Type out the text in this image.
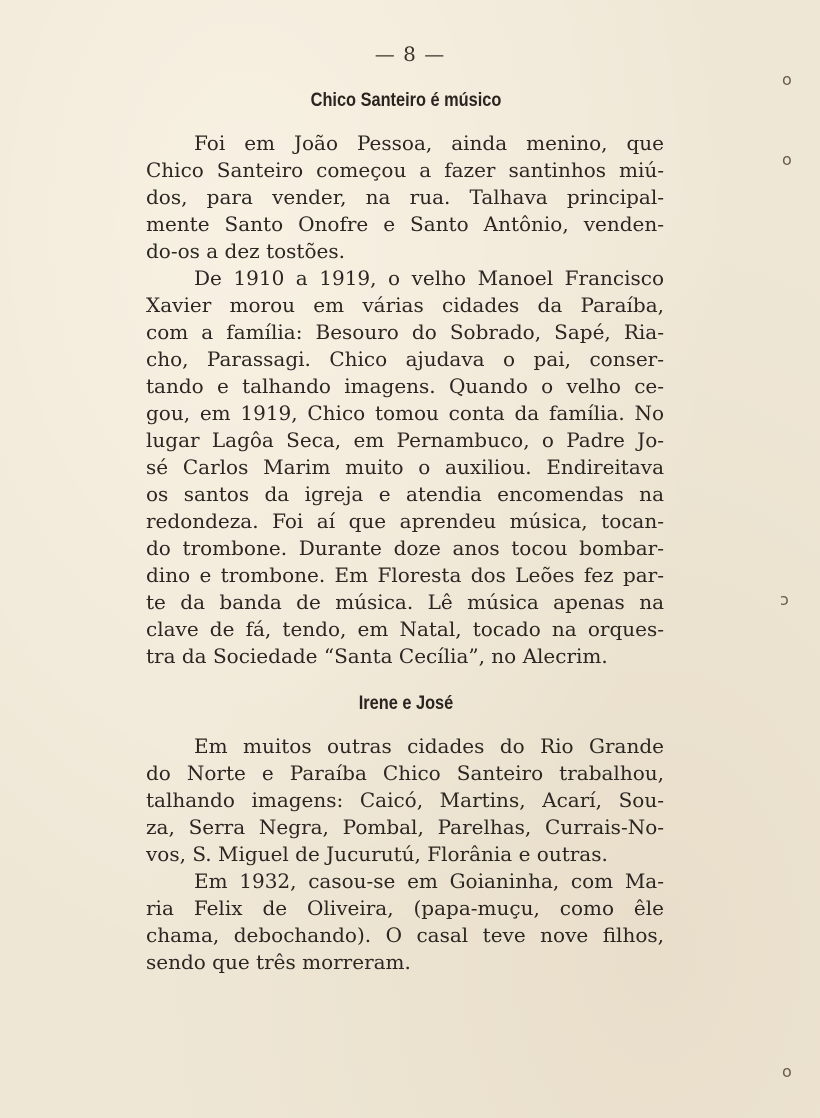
— 8 —
Chico Santeiro é músico
Foi em João Pessoa, ainda menino, que
Chico Santeiro começou a fazer santinhos miú-
dos, para vender, na rua. Talhava principal-
mente Santo Onofre e Santo Antônio, venden-
do-os a dez tostões.
De 1910 a 1919, o velho Manoel Francisco
Xavier morou em várias cidades da Paraíba,
com a família: Besouro do Sobrado, Sapé, Ria-
cho, Parassagi. Chico ajudava o pai, conser-
tando e talhando imagens. Quando o velho ce-
gou, em 1919, Chico tomou conta da família. No
lugar Lagôa Seca, em Pernambuco, o Padre Jo-
sé Carlos Marim muito o auxiliou. Endireitava
os santos da igreja e atendia encomendas na
redondeza. Foi aí que aprendeu música, tocan-
do trombone. Durante doze anos tocou bombar-
dino e trombone. Em Floresta dos Leões fez par-
te da banda de música. Lê música apenas na
clave de fá, tendo, em Natal, tocado na orques-
tra da Sociedade “Santa Cecília”, no Alecrim.
Irene e José
Em muitos outras cidades do Rio Grande
do Norte e Paraíba Chico Santeiro trabalhou,
talhando imagens: Caicó, Martins, Acarí, Sou-
za, Serra Negra, Pombal, Parelhas, Currais-No-
vos, S. Miguel de Jucurutú, Florânia e outras.
Em 1932, casou-se em Goianinha, com Ma-
ria Felix de Oliveira, (papa-muçu, como êle
chama, debochando). O casal teve nove filhos,
sendo que três morreram.
o
o
ɔ
o
